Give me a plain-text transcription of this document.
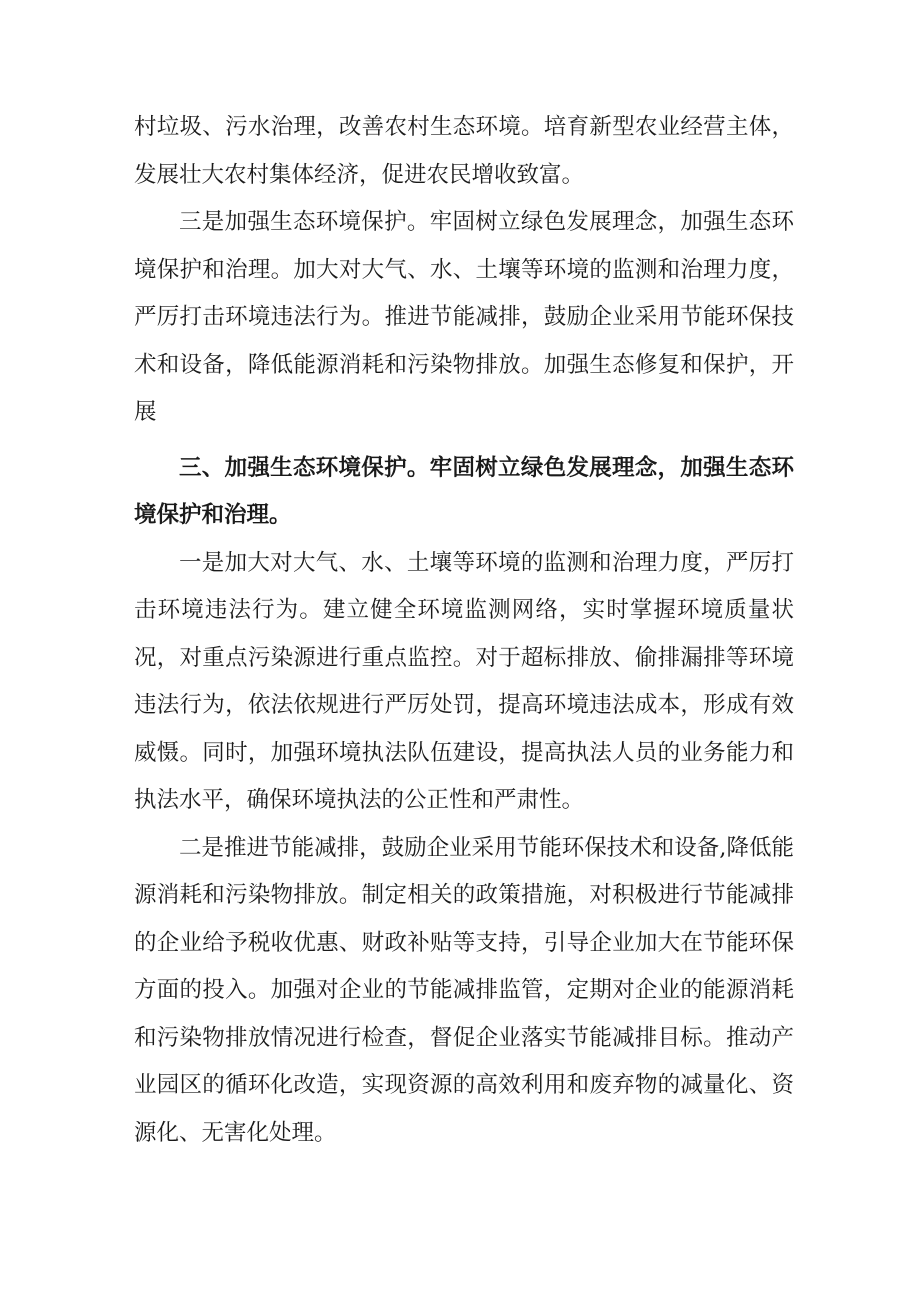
村垃圾、污水治理，改善农村生态环境。培育新型农业经营主体，发展壮大农村集体经济，促进农民增收致富。

三是加强生态环境保护。牢固树立绿色发展理念，加强生态环境保护和治理。加大对大气、水、土壤等环境的监测和治理力度，严厉打击环境违法行为。推进节能减排，鼓励企业采用节能环保技术和设备，降低能源消耗和污染物排放。加强生态修复和保护，开展

三、加强生态环境保护。牢固树立绿色发展理念，加强生态环境保护和治理。

一是加大对大气、水、土壤等环境的监测和治理力度，严厉打击环境违法行为。建立健全环境监测网络，实时掌握环境质量状况，对重点污染源进行重点监控。对于超标排放、偷排漏排等环境违法行为，依法依规进行严厉处罚，提高环境违法成本，形成有效威慑。同时，加强环境执法队伍建设，提高执法人员的业务能力和执法水平，确保环境执法的公正性和严肃性。

二是推进节能减排，鼓励企业采用节能环保技术和设备,降低能源消耗和污染物排放。制定相关的政策措施，对积极进行节能减排的企业给予税收优惠、财政补贴等支持，引导企业加大在节能环保方面的投入。加强对企业的节能减排监管，定期对企业的能源消耗和污染物排放情况进行检查，督促企业落实节能减排目标。推动产业园区的循环化改造，实现资源的高效利用和废弃物的减量化、资源化、无害化处理。
